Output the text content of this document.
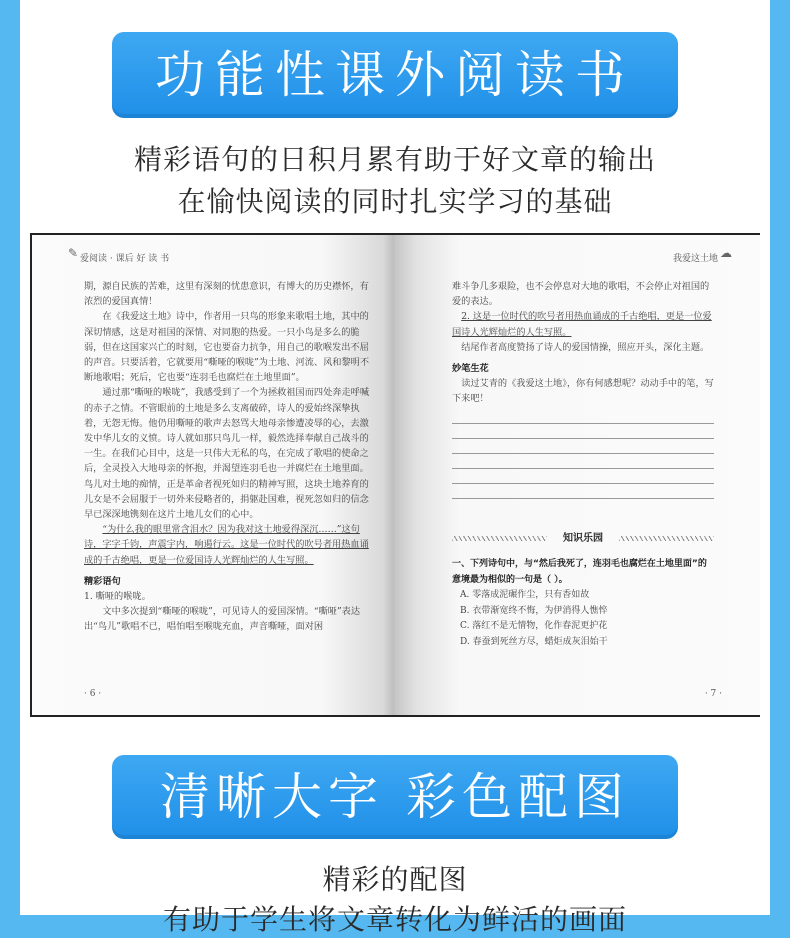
功能性课外阅读书
精彩语句的日积月累有助于好文章的输出
在愉快阅读的同时扎实学习的基础
✎ 爱阅读 · 课后 好 读 书

期，源自民族的苦难，这里有深刻的忧患意识，有博大的历史襟怀，有浓烈的爱国真情！

在《我爱这土地》诗中，作者用一只鸟的形象来歌唱土地，其中的深切情感，这是对祖国的深情、对同胞的热爱。一只小鸟是多么的脆弱，但在这国家兴亡的时刻，它也要奋力抗争，用自己的歌喉发出不屈的声音。只要活着，它就要用“嘶哑的喉咙”为土地、河流、风和黎明不断地歌唱；死后，它也要“连羽毛也腐烂在土地里面”。

通过那“嘶哑的喉咙”，我感受到了一个为拯救祖国而四处奔走呼喊的赤子之情。不管眼前的土地是多么支离破碎，诗人的爱始终深挚执着，无怨无悔。他仍用嘶哑的歌声去怒骂大地母亲惨遭凌辱的心，去激发中华儿女的义愤。诗人就如那只鸟儿一样，毅然选择奉献自己战斗的一生。在我们心目中，这是一只伟大无私的鸟，在完成了歌唱的使命之后，全灵投入大地母亲的怀抱，并渴望连羽毛也一并腐烂在土地里面。鸟儿对土地的痴情，正是革命者视死如归的精神写照，这块土地养育的儿女是不会屈服于一切外来侵略者的，捐躯赴国难，视死忽如归的信念早已深深地镌刻在这片土地儿女们的心中。

“为什么我的眼里常含泪水？因为我对这土地爱得深沉……”这句诗，字字千钧，声震宇内，响遏行云。这是一位时代的吹号者用热血诵成的千古绝唱，更是一位爱国诗人光辉灿烂的人生写照。

精彩语句

1. 嘶哑的喉咙。

文中多次提到“嘶哑的喉咙”，可见诗人的爱国深情。“嘶哑”表达出“鸟儿”歌唱不已，唱怕唱至喉咙充血，声音嘶哑，面对困

· 6 ·
我爱这土地 ☁

难斗争几多艰险，也不会停息对大地的歌唱，不会停止对祖国的爱的表达。

2. 这是一位时代的吹号者用热血诵成的千古绝唱，更是一位爱国诗人光辉灿烂的人生写照。

结尾作者高度赞扬了诗人的爱国情操，照应开头，深化主题。

妙笔生花

读过艾青的《我爱这土地》，你有何感想呢？动动手中的笔，写下来吧！

知识乐园

一、下列诗句中，与“然后我死了，连羽毛也腐烂在土地里面”的意境最为相似的一句是（ ）。

A. 零落成泥碾作尘，只有香如故

B. 衣带渐宽终不悔，为伊消得人憔悴

C. 落红不是无情物，化作春泥更护花

D. 春蚕到死丝方尽，蜡炬成灰泪始干

· 7 ·
清晰大字 彩色配图
精彩的配图
有助于学生将文章转化为鲜活的画面
